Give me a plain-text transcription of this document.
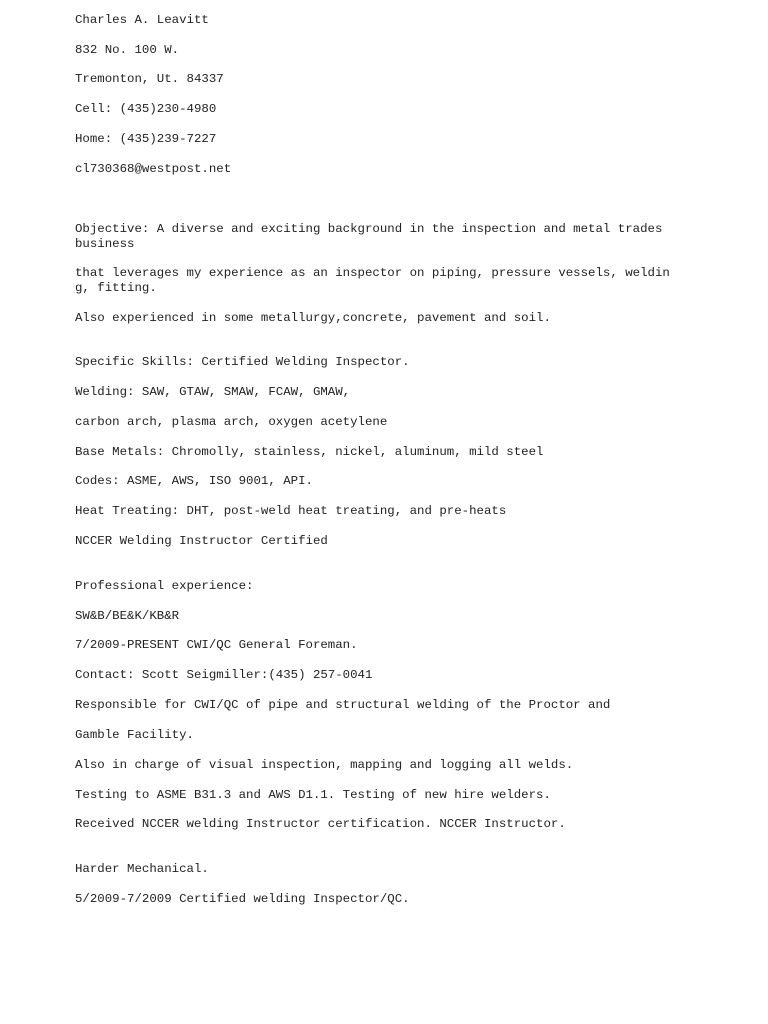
Charles A. Leavitt

832 No. 100 W.

Tremonton, Ut. 84337

Cell: (435)230-4980

Home: (435)239-7227

cl730368@westpost.net

Objective: A diverse and exciting background in the inspection and metal trades

business

that leverages my experience as an inspector on piping, pressure vessels, weldin

g, fitting.

Also experienced in some metallurgy,concrete, pavement and soil.

Specific Skills: Certified Welding Inspector.

Welding: SAW, GTAW, SMAW, FCAW, GMAW,

carbon arch, plasma arch, oxygen acetylene

Base Metals: Chromolly, stainless, nickel, aluminum, mild steel

Codes: ASME, AWS, ISO 9001, API.

Heat Treating: DHT, post-weld heat treating, and pre-heats

NCCER Welding Instructor Certified

Professional experience:

SW&B/BE&K/KB&R

7/2009-PRESENT CWI/QC General Foreman.

Contact: Scott Seigmiller:(435) 257-0041

Responsible for CWI/QC of pipe and structural welding of the Proctor and

Gamble Facility.

Also in charge of visual inspection, mapping and logging all welds.

Testing to ASME B31.3 and AWS D1.1. Testing of new hire welders.

Received NCCER welding Instructor certification. NCCER Instructor.

Harder Mechanical.

5/2009-7/2009 Certified welding Inspector/QC.
